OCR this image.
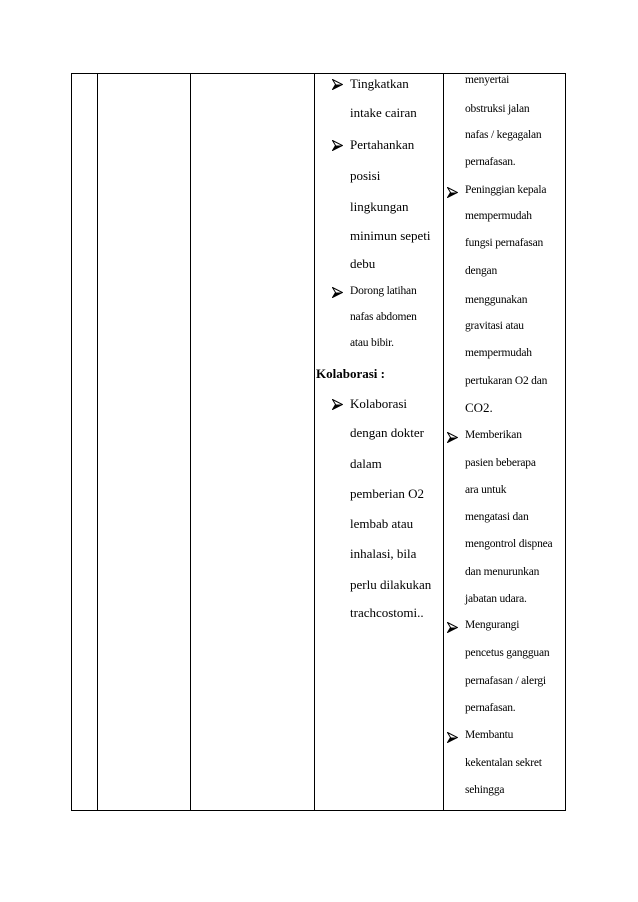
Tingkatkan
intake cairan
Pertahankan
posisi
lingkungan
minimun sepeti
debu
Dorong latihan
nafas abdomen
atau bibir.
Kolaborasi :
Kolaborasi
dengan dokter
dalam
pemberian O2
lembab atau
inhalasi, bila
perlu dilakukan
trachcostomi..
menyertai
obstruksi jalan
nafas / kegagalan
pernafasan.
Peninggian kepala
mempermudah
fungsi pernafasan
dengan
menggunakan
gravitasi atau
mempermudah
pertukaran O2 dan
CO2.
Memberikan
pasien beberapa
ara untuk
mengatasi dan
mengontrol dispnea
dan menurunkan
jabatan udara.
Mengurangi
pencetus gangguan
pernafasan / alergi
pernafasan.
Membantu
kekentalan sekret
sehingga
